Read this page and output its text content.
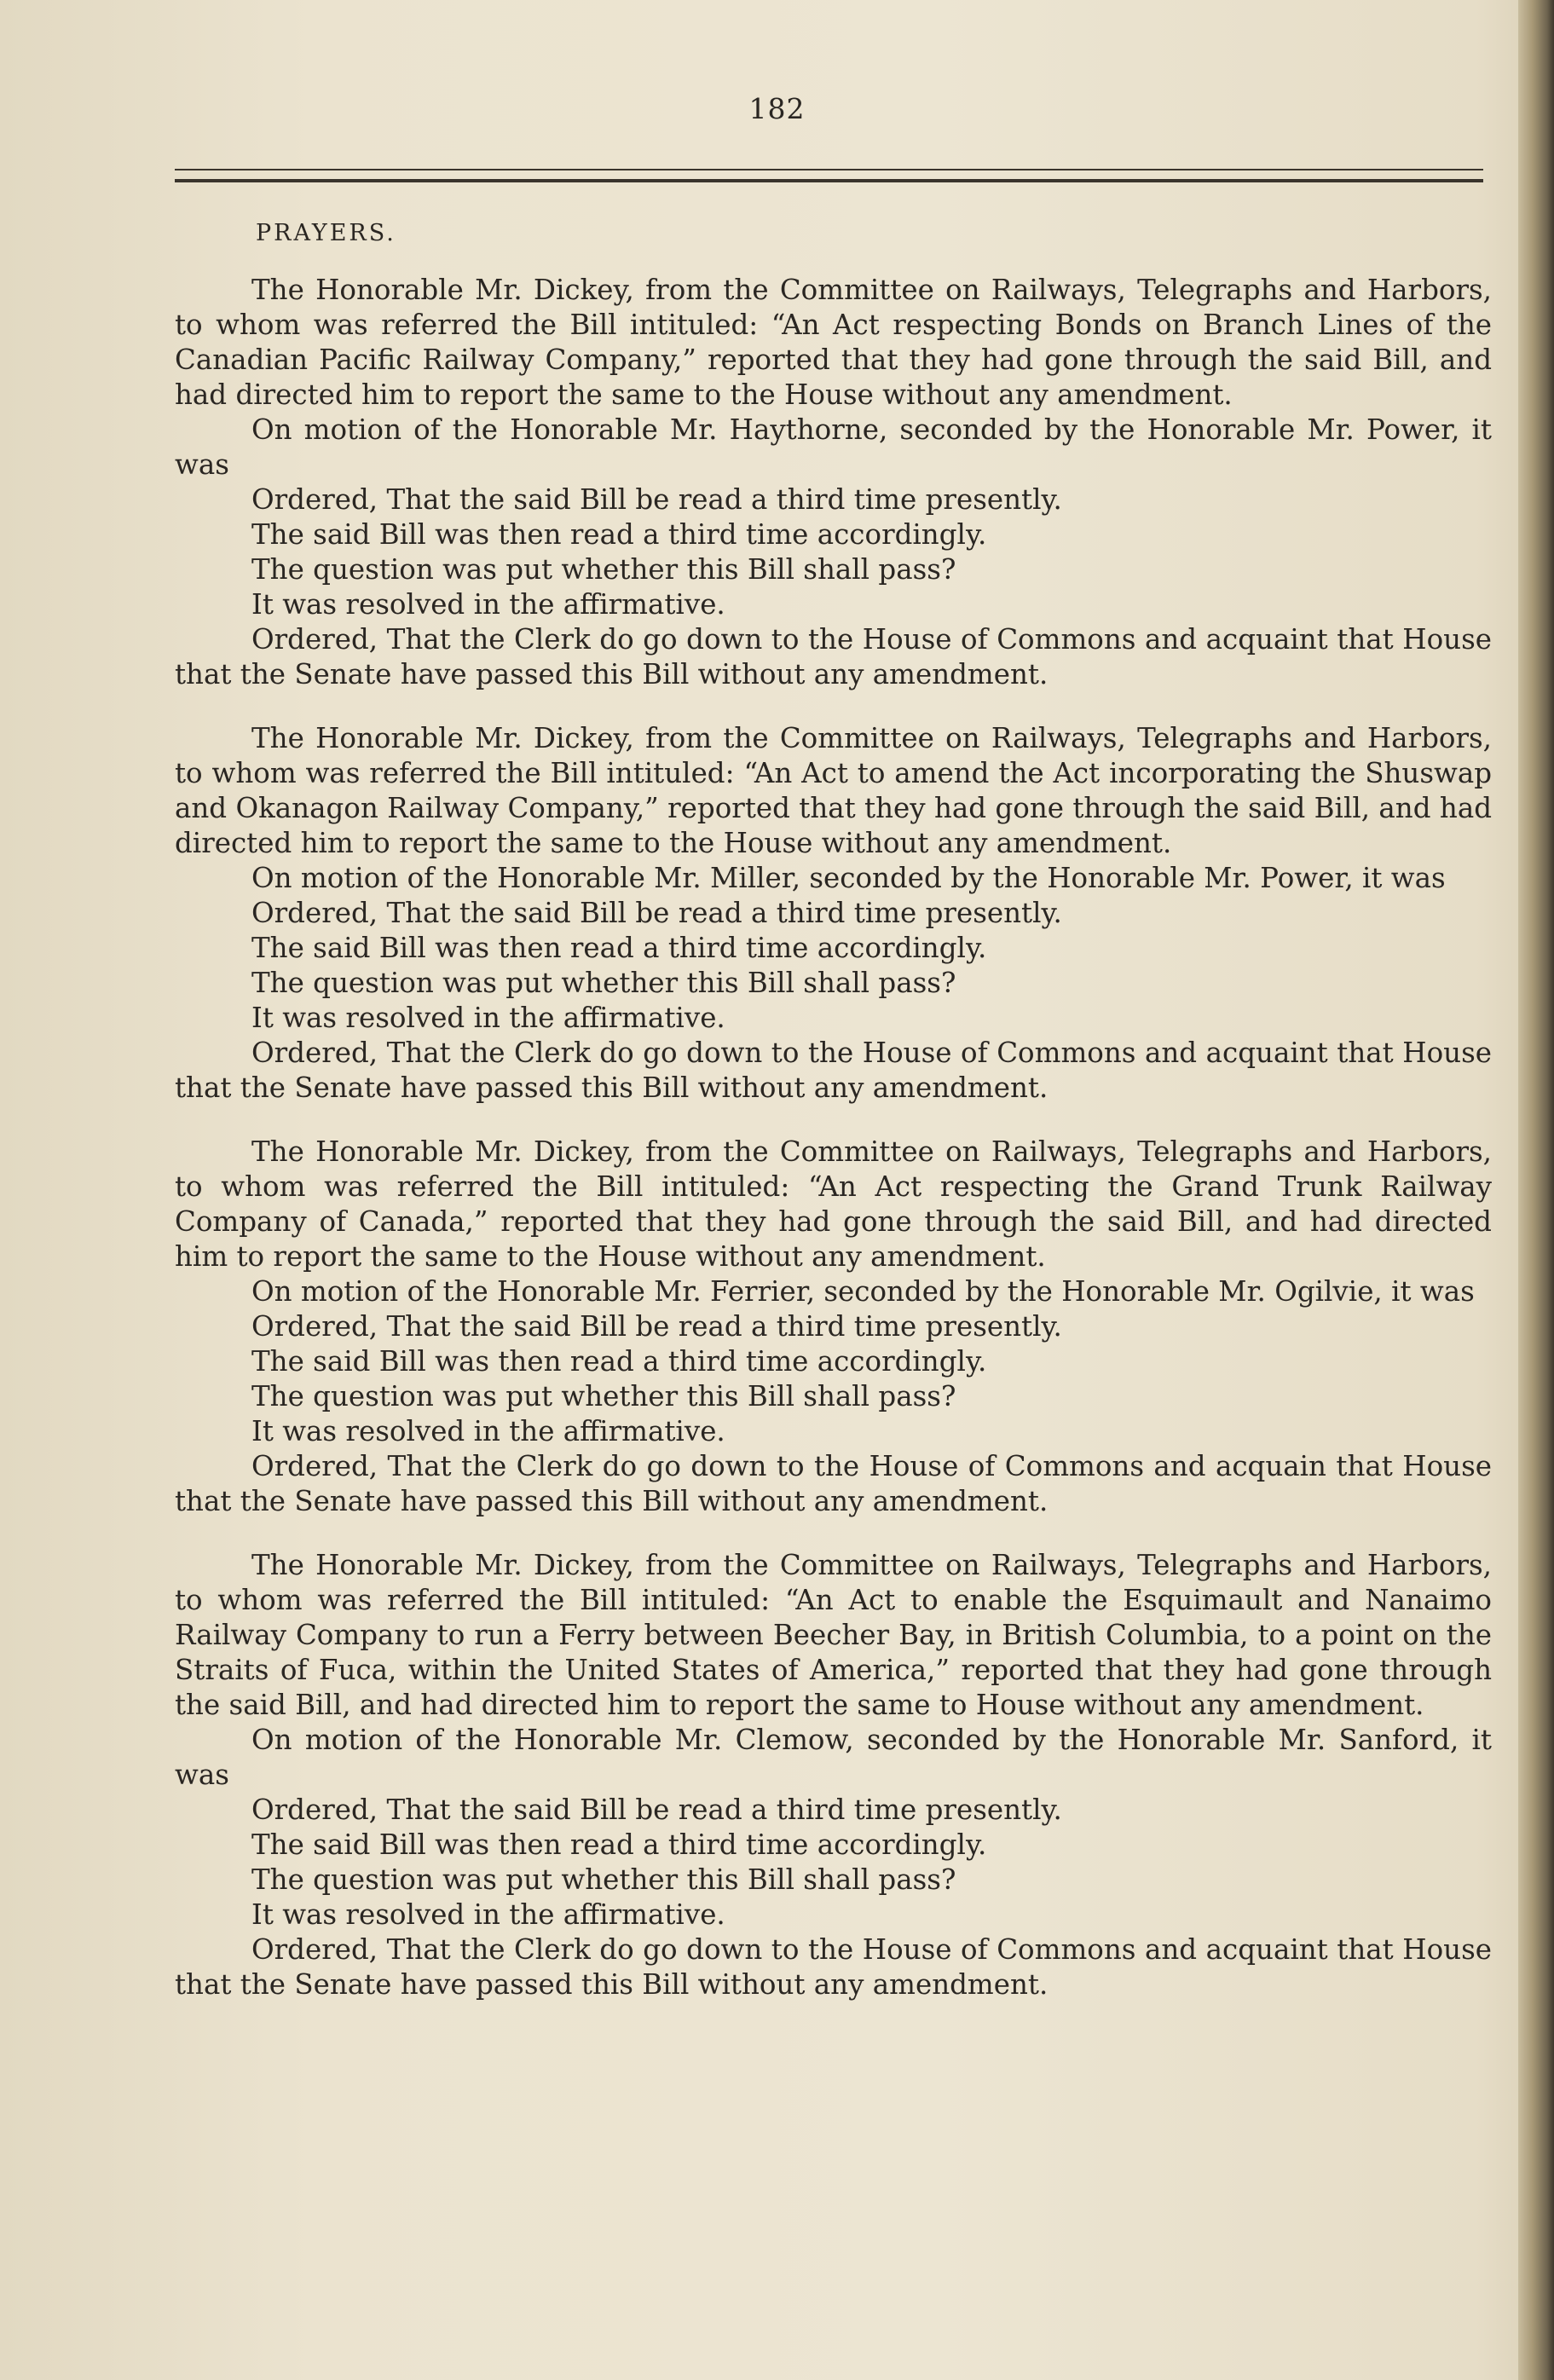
182
PRAYERS.

The Honorable Mr. Dickey, from the Committee on Railways, Telegraphs and Harbors, to whom was referred the Bill intituled: “An Act respecting Bonds on Branch Lines of the Canadian Pacific Railway Company,” reported that they had gone through the said Bill, and had directed him to report the same to the House without any amendment.

On motion of the Honorable Mr. Haythorne, seconded by the Honorable Mr. Power, it was

Ordered, That the said Bill be read a third time presently.

The said Bill was then read a third time accordingly.

The question was put whether this Bill shall pass?

It was resolved in the affirmative.

Ordered, That the Clerk do go down to the House of Commons and acquaint that House that the Senate have passed this Bill without any amendment.

The Honorable Mr. Dickey, from the Committee on Railways, Telegraphs and Harbors, to whom was referred the Bill intituled: “An Act to amend the Act incorporating the Shuswap and Okanagon Railway Company,” reported that they had gone through the said Bill, and had directed him to report the same to the House without any amendment.

On motion of the Honorable Mr. Miller, seconded by the Honorable Mr. Power, it was

Ordered, That the said Bill be read a third time presently.

The said Bill was then read a third time accordingly.

The question was put whether this Bill shall pass?

It was resolved in the affirmative.

Ordered, That the Clerk do go down to the House of Commons and acquaint that House that the Senate have passed this Bill without any amendment.

The Honorable Mr. Dickey, from the Committee on Railways, Telegraphs and Harbors, to whom was referred the Bill intituled: “An Act respecting the Grand Trunk Railway Company of Canada,” reported that they had gone through the said Bill, and had directed him to report the same to the House without any amendment.

On motion of the Honorable Mr. Ferrier, seconded by the Honorable Mr. Ogilvie, it was

Ordered, That the said Bill be read a third time presently.

The said Bill was then read a third time accordingly.

The question was put whether this Bill shall pass?

It was resolved in the affirmative.

Ordered, That the Clerk do go down to the House of Commons and acquain that House that the Senate have passed this Bill without any amendment.

The Honorable Mr. Dickey, from the Committee on Railways, Telegraphs and Harbors, to whom was referred the Bill intituled: “An Act to enable the Esquimault and Nanaimo Railway Company to run a Ferry between Beecher Bay, in British Columbia, to a point on the Straits of Fuca, within the United States of America,” reported that they had gone through the said Bill, and had directed him to report the same to House without any amendment.

On motion of the Honorable Mr. Clemow, seconded by the Honorable Mr. Sanford, it was

Ordered, That the said Bill be read a third time presently.

The said Bill was then read a third time accordingly.

The question was put whether this Bill shall pass?

It was resolved in the affirmative.

Ordered, That the Clerk do go down to the House of Commons and acquaint that House that the Senate have passed this Bill without any amendment.
